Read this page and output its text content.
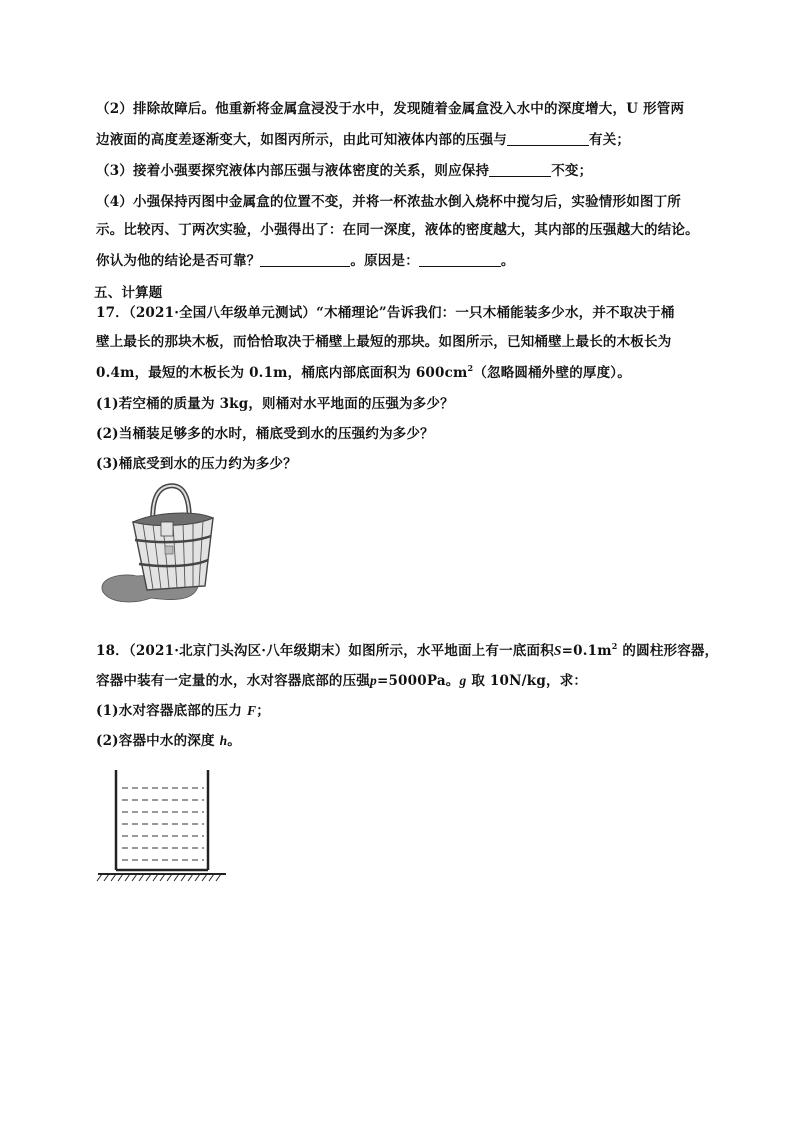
（2）排除故障后。他重新将金属盒浸没于水中，发现随着金属盒没入水中的深度增大，U 形管两
边液面的高度差逐渐变大，如图丙所示，由此可知液体内部的压强与	有关；
（3）接着小强要探究液体内部压强与液体密度的关系，则应保持	不变；
（4）小强保持丙图中金属盒的位置不变，并将一杯浓盐水倒入烧杯中搅匀后，实验情形如图丁所
示。比较丙、丁两次实验，小强得出了：在同一深度，液体的密度越大，其内部的压强越大的结论。
你认为他的结论是否可靠？	。原因是：	。
五、计算题
17．（2021·全国八年级单元测试）“木桶理论”告诉我们：一只木桶能装多少水，并不取决于桶
壁上最长的那块木板，而恰恰取决于桶壁上最短的那块。如图所示，已知桶壁上最长的木板长为
0.4m，最短的木板长为 0.1m，桶底内部底面积为 $600cm^2$（忽略圆桶外壁的厚度）。
(1)若空桶的质量为 3kg，则桶对水平地面的压强为多少？
(2)当桶装足够多的水时，桶底受到水的压强约为多少？
(3)桶底受到水的压力约为多少？
18．（2021·北京门头沟区·八年级期末）如图所示，水平地面上有一底面积$S=0.1m^2$ 的圆柱形容器，
容器中装有一定量的水，水对容器底部的压强p=5000Pa。g 取 10N/kg，求：
(1)水对容器底部的压力 F；
(2)容器中水的深度 h。
